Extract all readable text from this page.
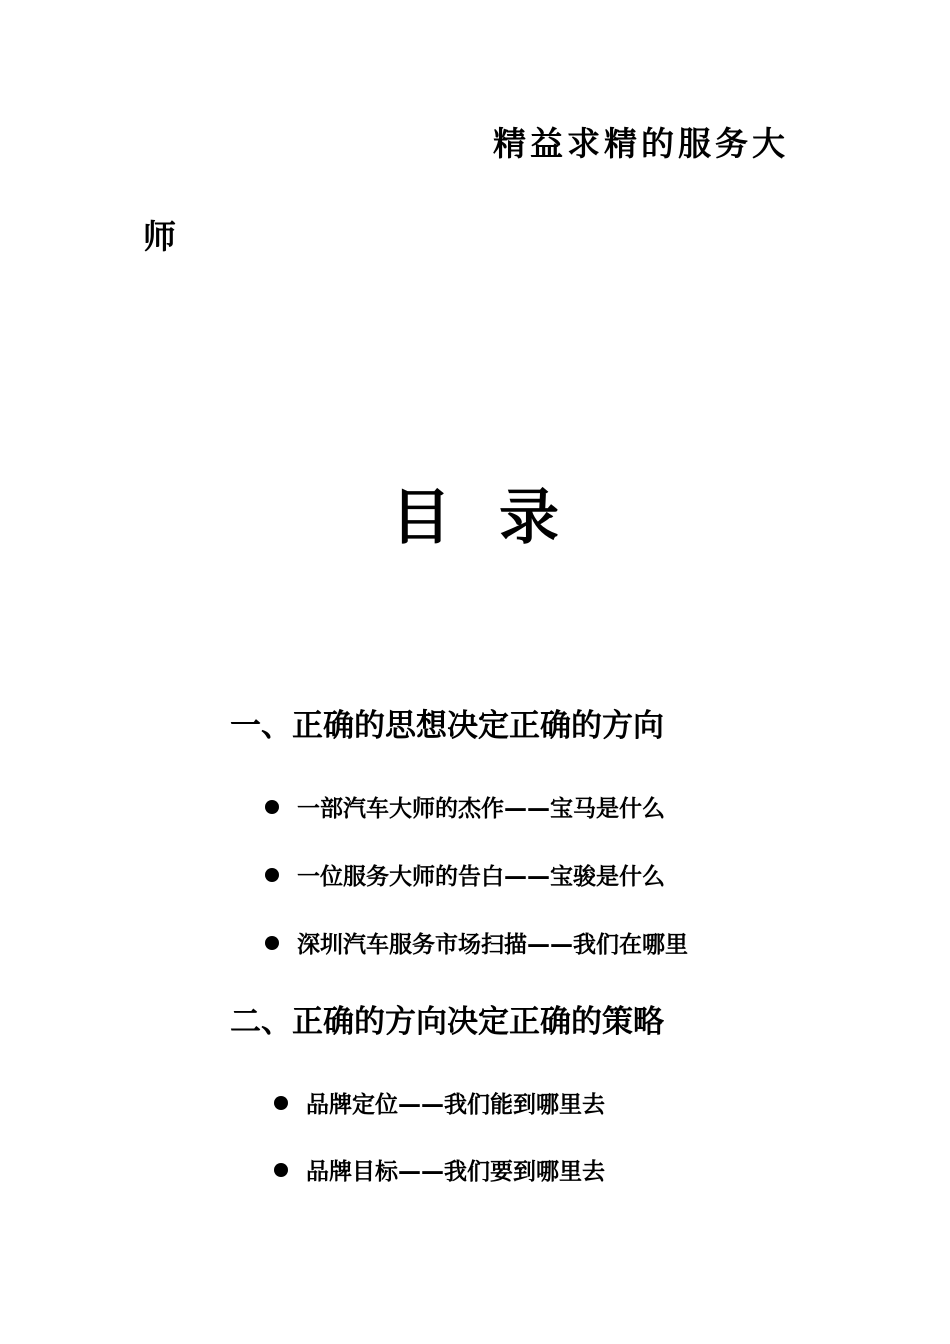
精益求精的服务大
师
目录
一、正确的思想决定正确的方向
一部汽车大师的杰作——宝马是什么
一位服务大师的告白——宝骏是什么
深圳汽车服务市场扫描——我们在哪里
二、正确的方向决定正确的策略
品牌定位——我们能到哪里去
品牌目标——我们要到哪里去
